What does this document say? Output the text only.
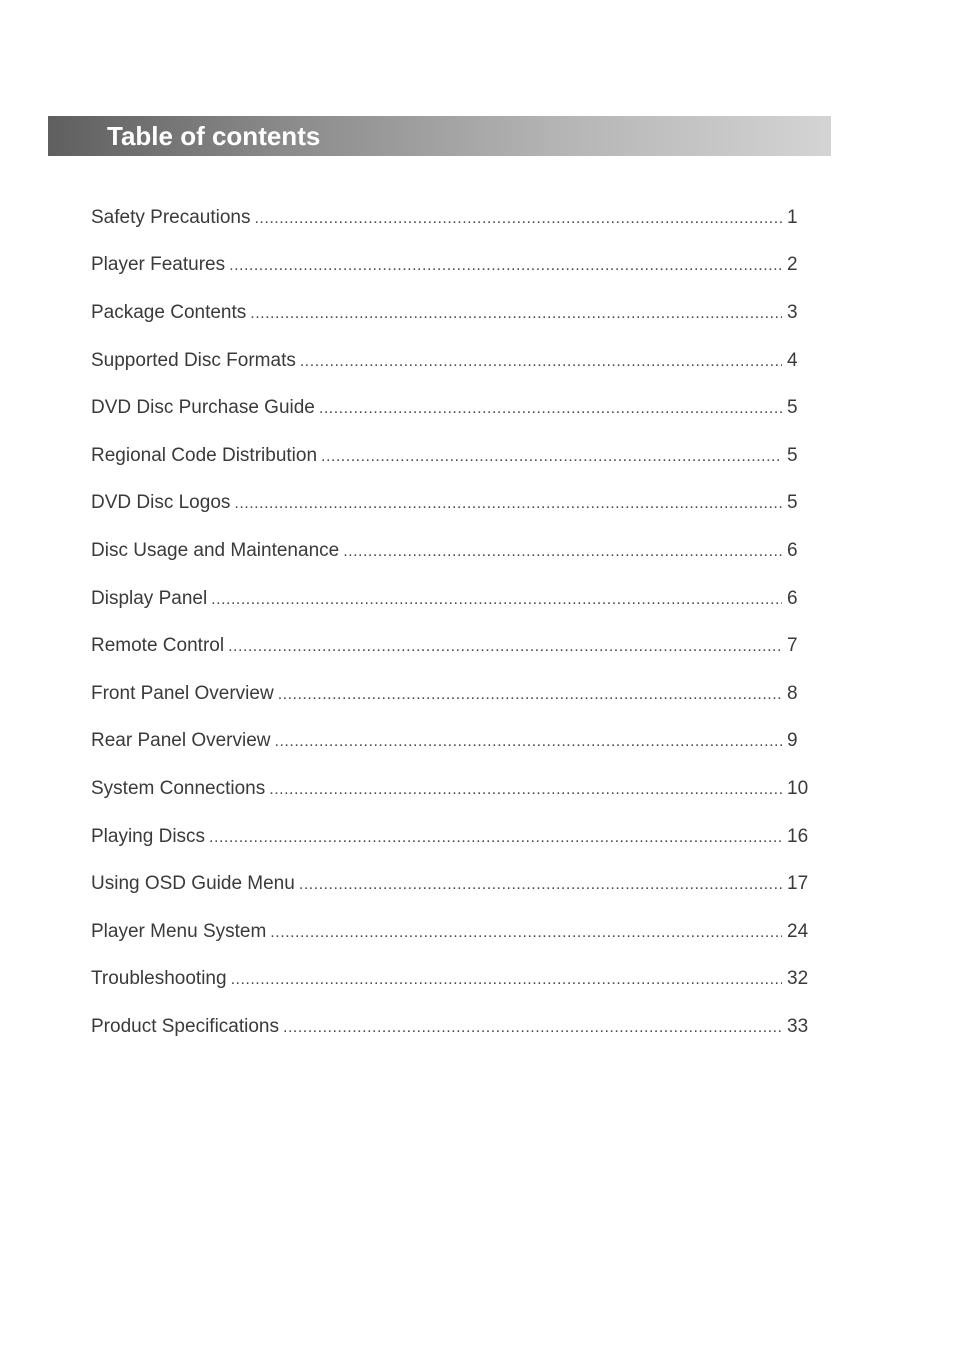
Table of contents
Safety Precautions .....	1
Player Features .....	2
Package Contents .....	3
Supported Disc Formats .....	4
DVD Disc Purchase Guide .....	5
Regional Code Distribution .....	5
DVD Disc Logos .....	5
Disc Usage and Maintenance .....	6
Display Panel .....	6
Remote Control .....	7
Front Panel Overview .....	8
Rear Panel Overview .....	9
System Connections .....	10
Playing Discs .....	16
Using OSD Guide Menu .....	17
Player Menu System .....	24
Troubleshooting .....	32
Product Specifications .....	33
